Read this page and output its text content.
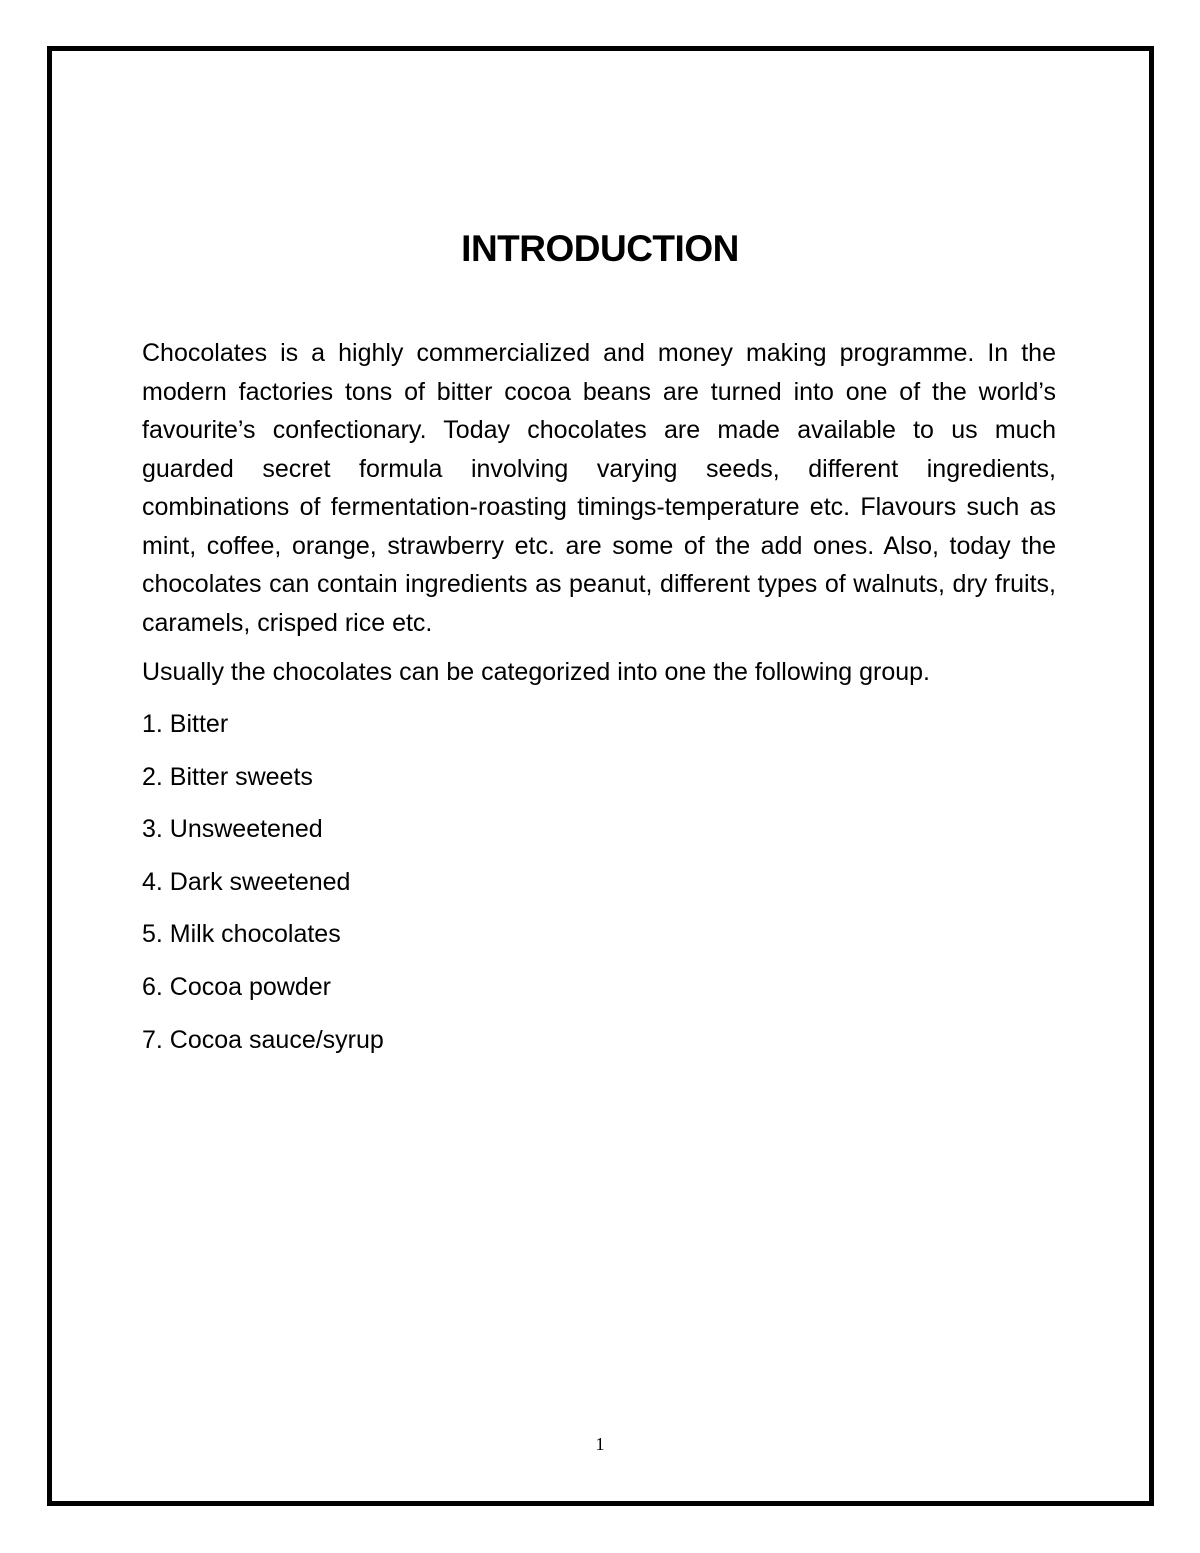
INTRODUCTION

Chocolates is a highly commercialized and money making programme. In the modern factories tons of bitter cocoa beans are turned into one of the world’s favourite’s confectionary. Today chocolates are made available to us much guarded secret formula involving varying seeds, different ingredients, combinations of fermentation-roasting timings-temperature etc. Flavours such as mint, coffee, orange, strawberry etc. are some of the add ones. Also, today the chocolates can contain ingredients as peanut, different types of walnuts, dry fruits, caramels, crisped rice etc.

Usually the chocolates can be categorized into one the following group.

1. Bitter
2. Bitter sweets
3. Unsweetened
4. Dark sweetened
5. Milk chocolates
6. Cocoa powder
7. Cocoa sauce/syrup
1
